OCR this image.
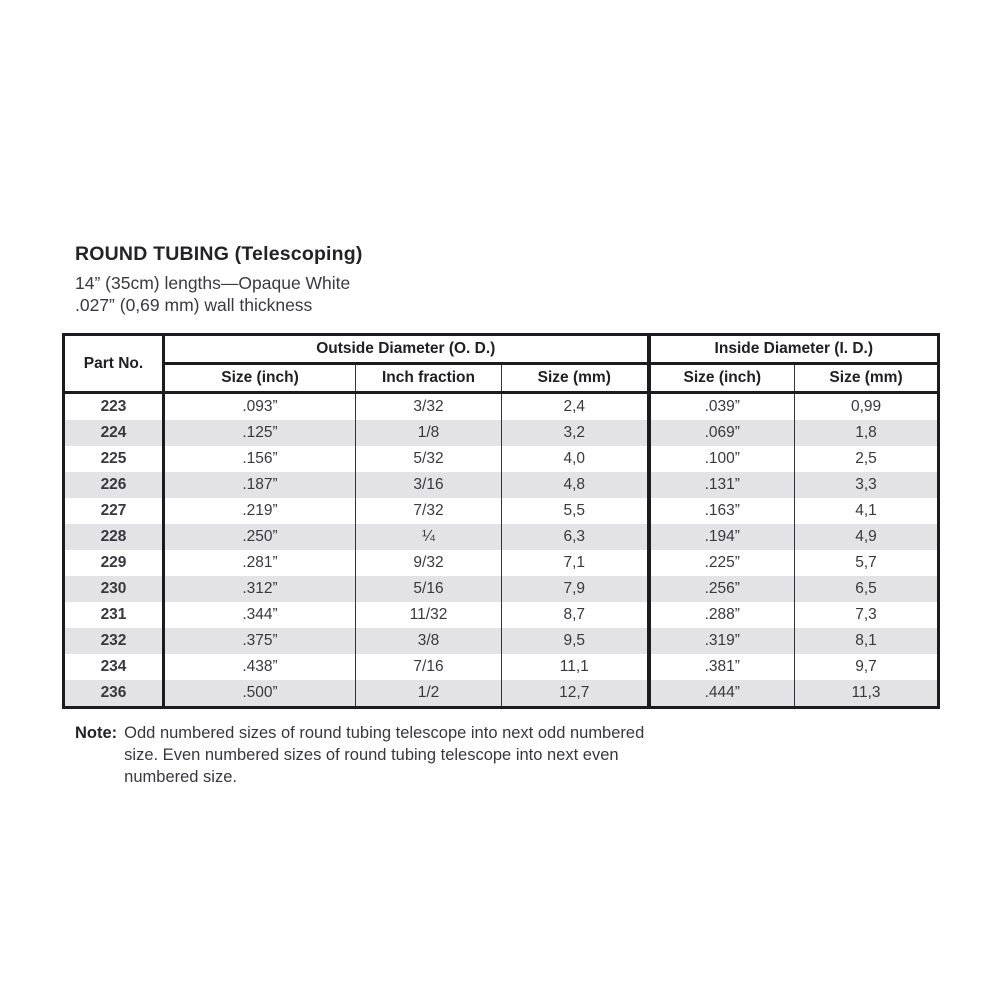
ROUND TUBING (Telescoping)

14” (35cm) lengths—Opaque White

.027” (0,69 mm) wall thickness

Part No.	Outside Diameter (O. D.)			Inside Diameter (I. D.)	
	Size (inch)	Inch fraction	Size (mm)	Size (inch)	Size (mm)
223	.093”	3/32	2,4	.039”	0,99
224	.125”	1/8	3,2	.069”	1,8
225	.156”	5/32	4,0	.100”	2,5
226	.187”	3/16	4,8	.131”	3,3
227	.219”	7/32	5,5	.163”	4,1
228	.250”	¼	6,3	.194”	4,9
229	.281”	9/32	7,1	.225”	5,7
230	.312”	5/16	7,9	.256”	6,5
231	.344”	11/32	8,7	.288”	7,3
232	.375”	3/8	9,5	.319”	8,1
234	.438”	7/16	11,1	.381”	9,7
236	.500”	1/2	12,7	.444”	11,3
Note: Odd numbered sizes of round tubing telescope into next odd numbered size. Even numbered sizes of round tubing telescope into next even numbered size.
